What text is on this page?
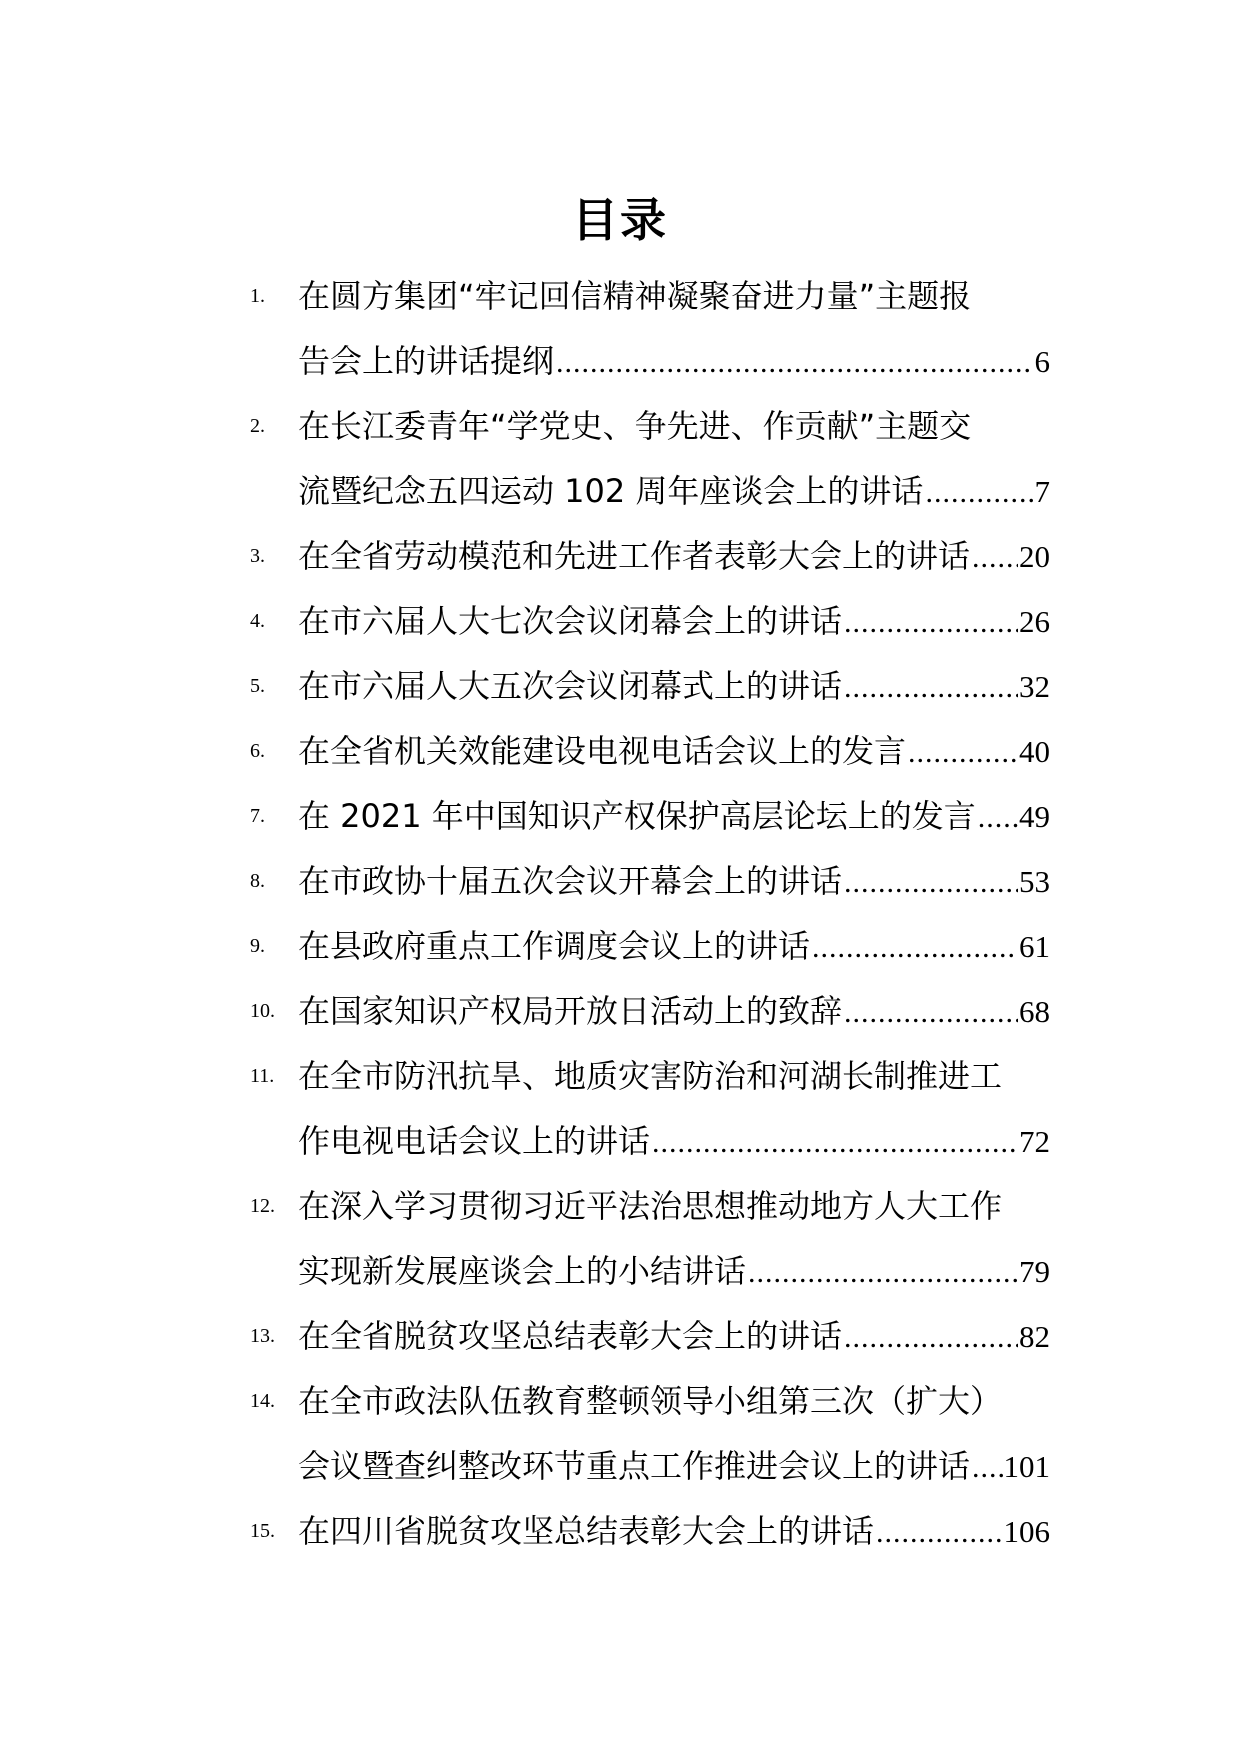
目录
1.	在圆方集团“牢记回信精神凝聚奋进力量”主题报
告会上的讲话提纲 .....	6
2.	在长江委青年“学党史、争先进、作贡献”主题交
流暨纪念五四运动 102 周年座谈会上的讲话 .....	7
3.	在全省劳动模范和先进工作者表彰大会上的讲话 ..... 20
4.	在市六届人大七次会议闭幕会上的讲话 .....	26
5.	在市六届人大五次会议闭幕式上的讲话 .....	32
6.	在全省机关效能建设电视电话会议上的发言 .....	40
7.	在 2021 年中国知识产权保护高层论坛上的发言 ..... 49
8.	在市政协十届五次会议开幕会上的讲话 .....	53
9.	在县政府重点工作调度会议上的讲话 .....	61
10. 在国家知识产权局开放日活动上的致辞 .....	68
11. 在全市防汛抗旱、地质灾害防治和河湖长制推进工
作电视电话会议上的讲话 .....	72
12. 在深入学习贯彻习近平法治思想推动地方人大工作
实现新发展座谈会上的小结讲话 .....	79
13. 在全省脱贫攻坚总结表彰大会上的讲话 .....	82
14. 在全市政法队伍教育整顿领导小组第三次（扩大）
会议暨查纠整改环节重点工作推进会议上的讲话 ..... 101
15. 在四川省脱贫攻坚总结表彰大会上的讲话 .....	106
